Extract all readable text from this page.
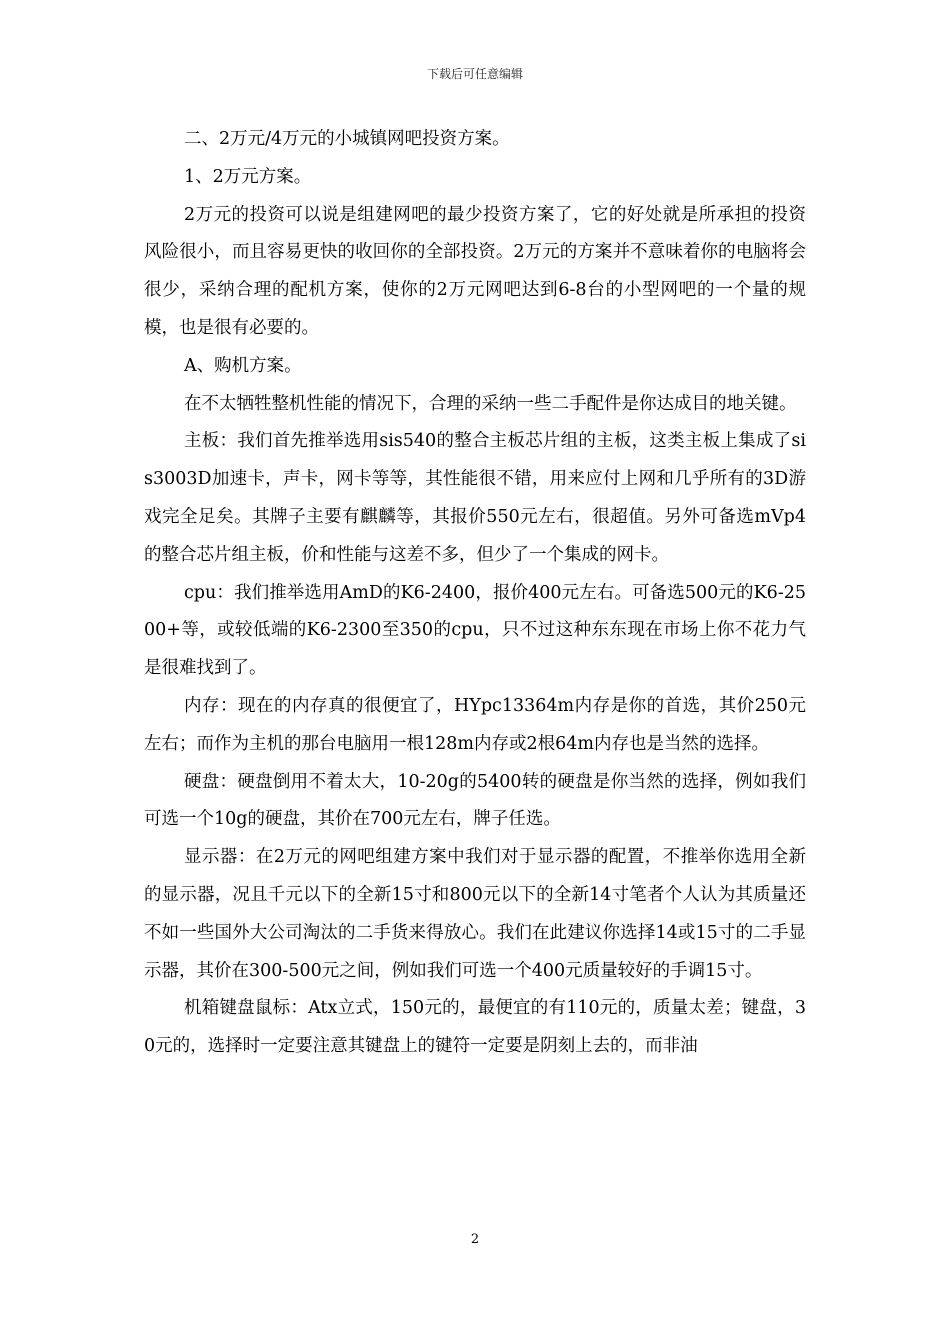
下载后可任意编辑

二、2万元/4万元的小城镇网吧投资方案。

1、2万元方案。

2万元的投资可以说是组建网吧的最少投资方案了，它的好处就是所承担的投资风险很小，而且容易更快的收回你的全部投资。2万元的方案并不意味着你的电脑将会很少，采纳合理的配机方案，使你的2万元网吧达到6-8台的小型网吧的一个量的规模，也是很有必要的。

A、购机方案。

在不太牺牲整机性能的情况下，合理的采纳一些二手配件是你达成目的地关键。

主板：我们首先推举选用sis540的整合主板芯片组的主板，这类主板上集成了sis3003D加速卡，声卡，网卡等等，其性能很不错，用来应付上网和几乎所有的3D游戏完全足矣。其牌子主要有麒麟等，其报价550元左右，很超值。另外可备选mVp4的整合芯片组主板，价和性能与这差不多，但少了一个集成的网卡。

cpu：我们推举选用AmD的K6-2400，报价400元左右。可备选500元的K6-2500+等，或较低端的K6-2300至350的cpu，只不过这种东东现在市场上你不花力气是很难找到了。

内存：现在的内存真的很便宜了，HYpc13364m内存是你的首选，其价250元左右；而作为主机的那台电脑用一根128m内存或2根64m内存也是当然的选择。

硬盘：硬盘倒用不着太大，10-20g的5400转的硬盘是你当然的选择，例如我们可选一个10g的硬盘，其价在700元左右，牌子任选。

显示器：在2万元的网吧组建方案中我们对于显示器的配置，不推举你选用全新的显示器，况且千元以下的全新15寸和800元以下的全新14寸笔者个人认为其质量还不如一些国外大公司淘汰的二手货来得放心。我们在此建议你选择14或15寸的二手显示器，其价在300-500元之间，例如我们可选一个400元质量较好的手调15寸。

机箱键盘鼠标：Atx立式，150元的，最便宜的有110元的，质量太差；键盘，30元的，选择时一定要注意其键盘上的键符一定要是阴刻上去的，而非油

2
